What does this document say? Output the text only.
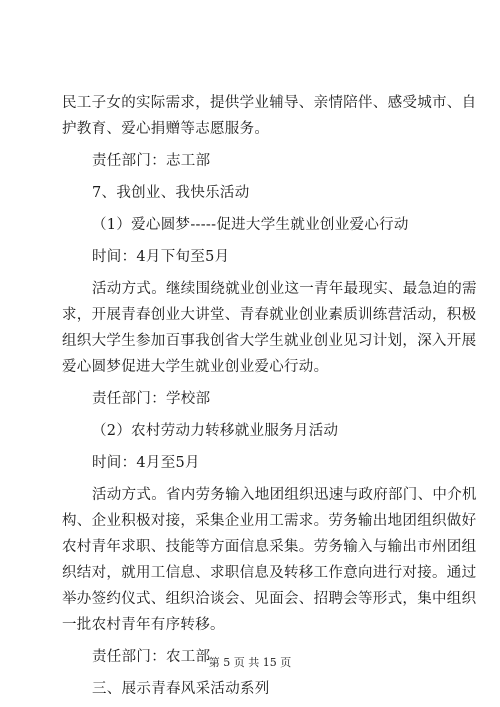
民工子女的实际需求，提供学业辅导、亲情陪伴、感受城市、自
护教育、爱心捐赠等志愿服务。
责任部门：志工部
7、我创业、我快乐活动
（1）爱心圆梦-----促进大学生就业创业爱心行动
时间：4月下旬至5月
活动方式。继续围绕就业创业这一青年最现实、最急迫的需
求，开展青春创业大讲堂、青春就业创业素质训练营活动，积极
组织大学生参加百事我创省大学生就业创业见习计划，深入开展
爱心圆梦促进大学生就业创业爱心行动。
责任部门：学校部
（2）农村劳动力转移就业服务月活动
时间：4月至5月
活动方式。省内劳务输入地团组织迅速与政府部门、中介机
构、企业积极对接，采集企业用工需求。劳务输出地团组织做好
农村青年求职、技能等方面信息采集。劳务输入与输出市州团组
织结对，就用工信息、求职信息及转移工作意向进行对接。通过
举办签约仪式、组织洽谈会、见面会、招聘会等形式，集中组织
一批农村青年有序转移。
责任部门：农工部
三、展示青春风采活动系列
第 5 页 共 15 页
